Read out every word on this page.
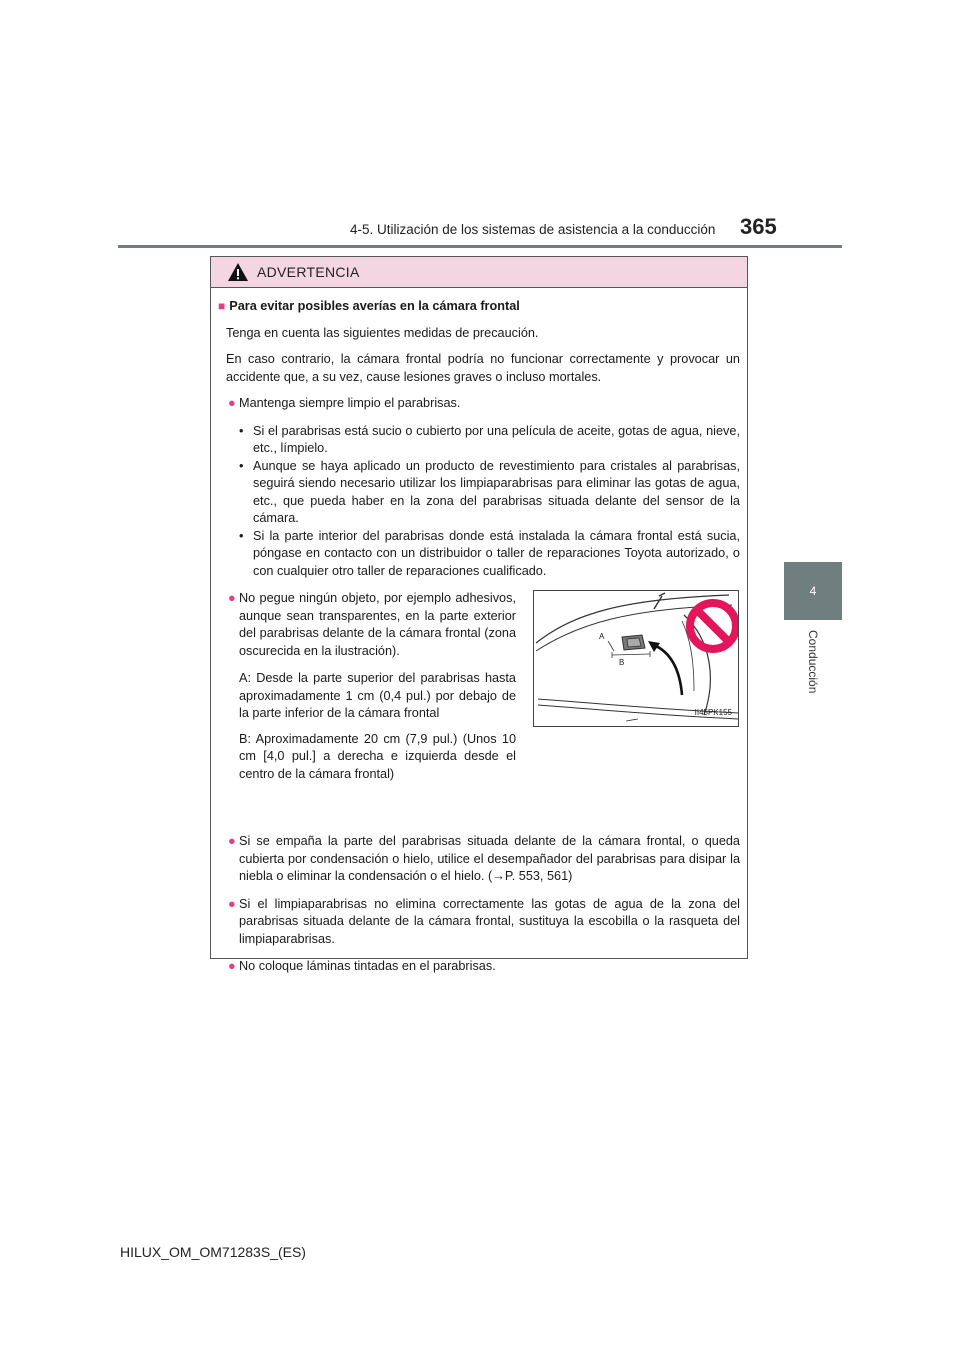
4-5. Utilización de los sistemas de asistencia a la conducción 365
4
Conducción
ADVERTENCIA

■ Para evitar posibles averías en la cámara frontal

Tenga en cuenta las siguientes medidas de precaución.

En caso contrario, la cámara frontal podría no funcionar correctamente y provocar un accidente que, a su vez, cause lesiones graves o incluso mortales.

● Mantenga siempre limpio el parabrisas.
• Si el parabrisas está sucio o cubierto por una película de aceite, gotas de agua, nieve, etc., límpielo.
• Aunque se haya aplicado un producto de revestimiento para cristales al parabrisas, seguirá siendo necesario utilizar los limpiaparabrisas para eliminar las gotas de agua, etc., que pueda haber en la zona del parabrisas situada delante del sensor de la cámara.
• Si la parte interior del parabrisas donde está instalada la cámara frontal está sucia, póngase en contacto con un distribuidor o taller de reparaciones Toyota autorizado, o con cualquier otro taller de reparaciones cualificado.
● No pegue ningún objeto, por ejemplo adhesivos, aunque sean transparentes, en la parte exterior del parabrisas delante de la cámara frontal (zona oscurecida en la ilustración).

A: Desde la parte superior del parabrisas hasta aproximadamente 1 cm (0,4 pul.) por debajo de la parte inferior de la cámara frontal

B: Aproximadamente 20 cm (7,9 pul.) (Unos 10 cm [4,0 pul.] a derecha e izquierda desde el centro de la cámara frontal)

A
B
II45PK155
● Si se empaña la parte del parabrisas situada delante de la cámara frontal, o queda cubierta por condensación o hielo, utilice el desempañador del parabrisas para disipar la niebla o eliminar la condensación o el hielo. (→P. 553, 561)
● Si el limpiaparabrisas no elimina correctamente las gotas de agua de la zona del parabrisas situada delante de la cámara frontal, sustituya la escobilla o la rasqueta del limpiaparabrisas.
● No coloque láminas tintadas en el parabrisas.
HILUX_OM_OM71283S_(ES)
